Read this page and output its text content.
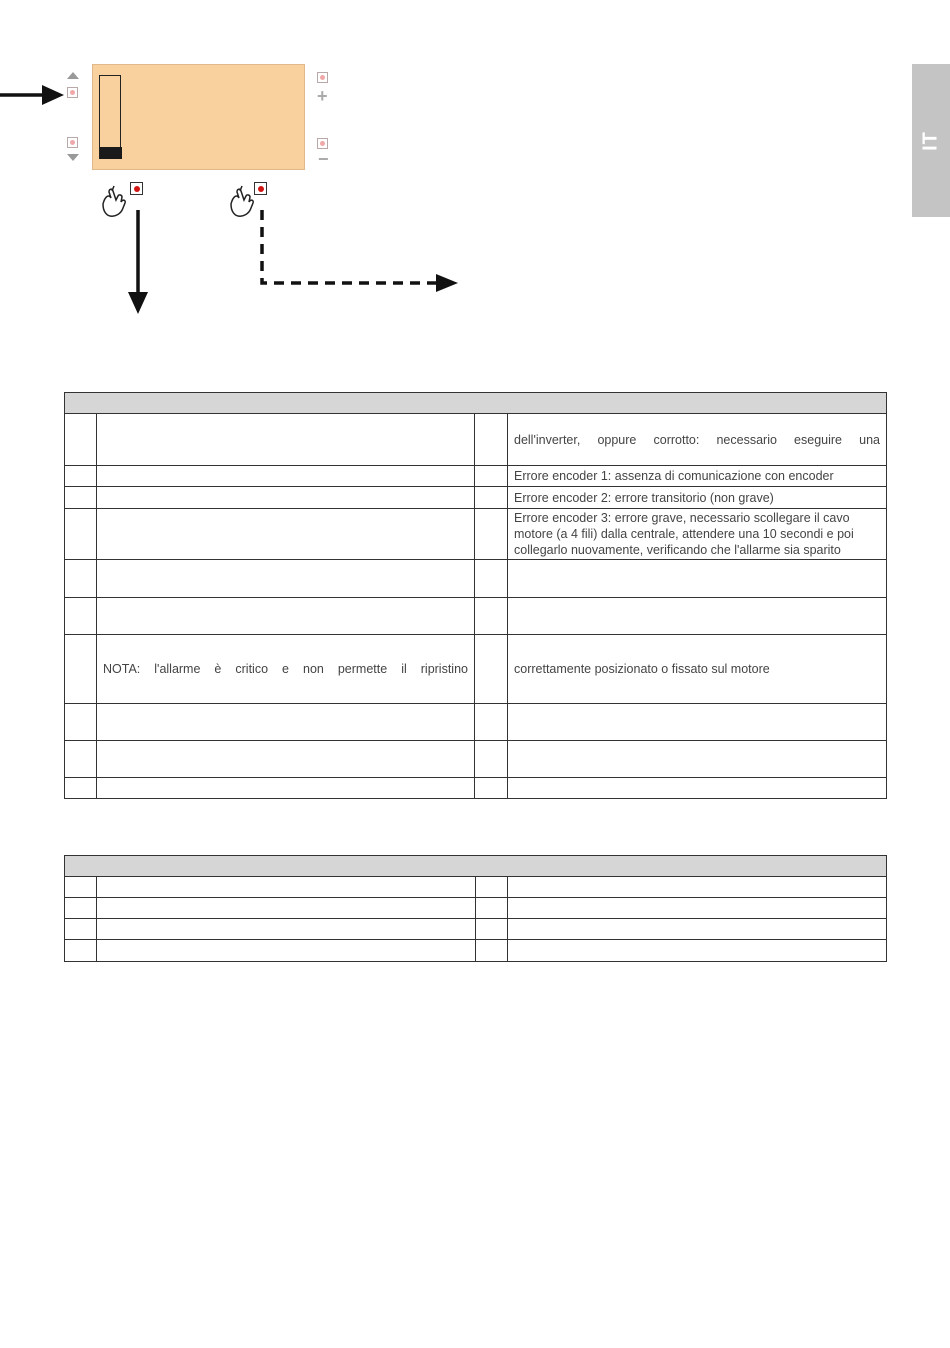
IT
+
−

			dell'inverter, oppure corrotto: necessario eseguire una
			Errore encoder 1: assenza di comunicazione con encoder
			Errore encoder 2: errore transitorio (non grave)
			Errore encoder 3: errore grave, necessario scollegare il cavo motore (a 4 fili) dalla centrale, attendere una 10 secondi e poi collegarlo nuovamente, verificando che l'allarme sia sparito

	NOTA: l'allarme è critico e non permette il ripristino		correttamente posizionato o fissato sul motore
